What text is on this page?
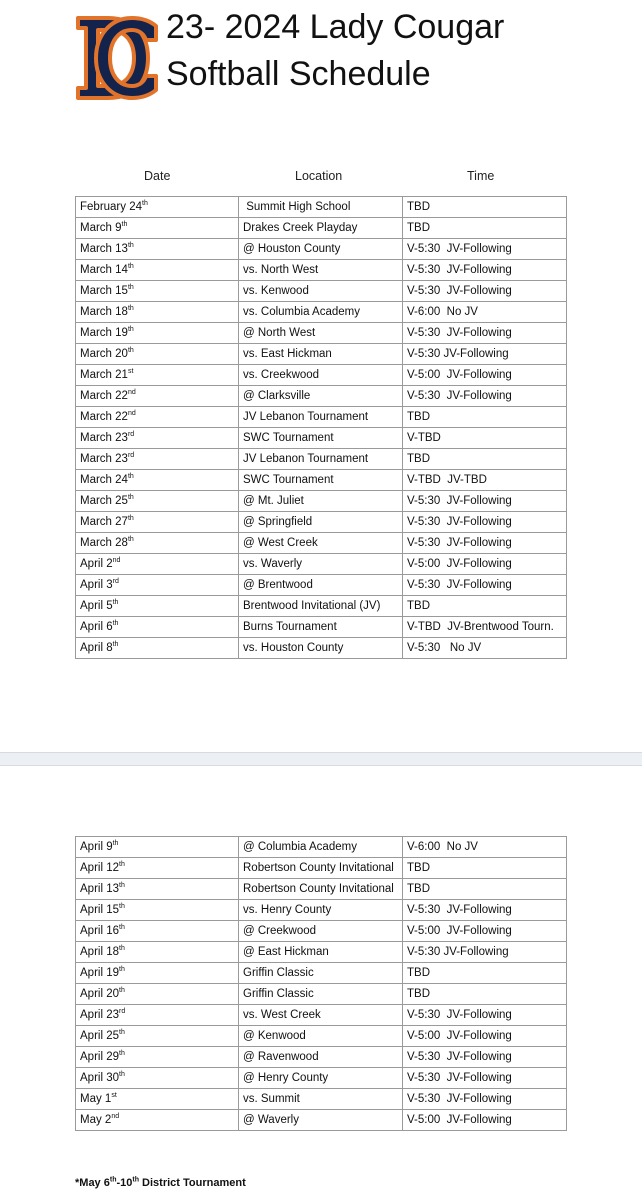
23- 2024 Lady Cougar
Softball Schedule
Date	Location	Time
February 24th	Summit High School	TBD
March 9th	Drakes Creek Playday	TBD
March 13th	@ Houston County	V-5:30  JV-Following
March 14th	vs. North West	V-5:30  JV-Following
March 15th	vs. Kenwood	V-5:30  JV-Following
March 18th	vs. Columbia Academy	V-6:00  No JV
March 19th	@ North West	V-5:30  JV-Following
March 20th	vs. East Hickman	V-5:30 JV-Following
March 21st	vs. Creekwood	V-5:00  JV-Following
March 22nd	@ Clarksville	V-5:30  JV-Following
March 22nd	JV Lebanon Tournament	TBD
March 23rd	SWC Tournament	V-TBD
March 23rd	JV Lebanon Tournament	TBD
March 24th	SWC Tournament	V-TBD  JV-TBD
March 25th	@ Mt. Juliet	V-5:30  JV-Following
March 27th	@ Springfield	V-5:30  JV-Following
March 28th	@ West Creek	V-5:30  JV-Following
April 2nd	vs. Waverly	V-5:00  JV-Following
April 3rd	@ Brentwood	V-5:30  JV-Following
April 5th	Brentwood Invitational (JV)	TBD
April 6th	Burns Tournament	V-TBD  JV-Brentwood Tourn.
April 8th	vs. Houston County	V-5:30   No JV
April 9th	@ Columbia Academy	V-6:00  No JV
April 12th	Robertson County Invitational	TBD
April 13th	Robertson County Invitational	TBD
April 15th	vs. Henry County	V-5:30  JV-Following
April 16th	@ Creekwood	V-5:00  JV-Following
April 18th	@ East Hickman	V-5:30 JV-Following
April 19th	Griffin Classic	TBD
April 20th	Griffin Classic	TBD
April 23rd	vs. West Creek	V-5:30  JV-Following
April 25th	@ Kenwood	V-5:00  JV-Following
April 29th	@ Ravenwood	V-5:30  JV-Following
April 30th	@ Henry County	V-5:30  JV-Following
May 1st	vs. Summit	V-5:30  JV-Following
May 2nd	@ Waverly	V-5:00  JV-Following
*May 6th-10th District Tournament
